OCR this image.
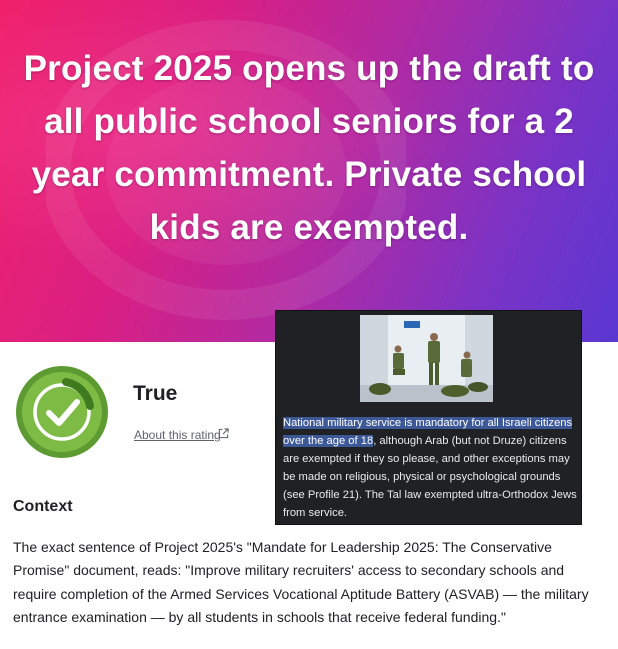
Project 2025 opens up the draft to all public school seniors for a 2 year commitment. Private school kids are exempted.

True
About this rating
Context

The exact sentence of Project 2025's "Mandate for Leadership 2025: The Conservative Promise" document, reads: "Improve military recruiters' access to secondary schools and require completion of the Armed Services Vocational Aptitude Battery (ASVAB) — the military entrance examination — by all students in schools that receive federal funding."

National military service is mandatory for all Israeli citizens over the age of 18, although Arab (but not Druze) citizens are exempted if they so please, and other exceptions may be made on religious, physical or psychological grounds (see Profile 21). The Tal law exempted ultra-Orthodox Jews from service.
